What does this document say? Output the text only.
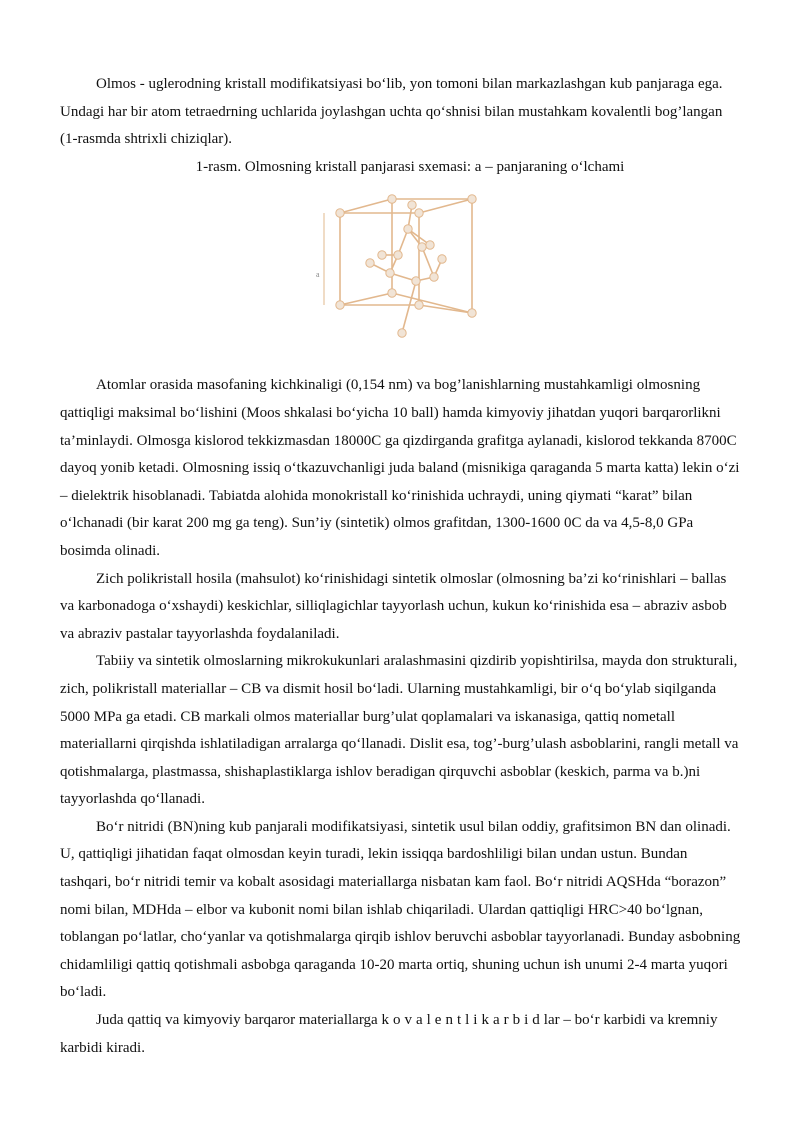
Olmos - uglerodning kristall modifikatsiyasi bo‘lib, yon tomoni bilan markazlashgan kub panjaraga ega. Undagi har bir atom tetraedrning uchlarida joylashgan uchta qo‘shnisi bilan mustahkam kovalentli bog’langan (1-rasmda shtrixli chiziqlar).

1-rasm. Olmosning kristall panjarasi sxemasi: a – panjaraning o‘lchami

a

Atomlar orasida masofaning kichkinaligi (0,154 nm) va bog’lanishlarning mustahkamligi olmosning qattiqligi maksimal bo‘lishini (Moos shkalasi bo‘yicha 10 ball) hamda kimyoviy jihatdan yuqori barqarorlikni ta’minlaydi. Olmosga kislorod tekkizmasdan 18000C ga qizdirganda grafitga aylanadi, kislorod tekkanda 8700C dayoq yonib ketadi. Olmosning issiq o‘tkazuvchanligi juda baland (misnikiga qaraganda 5 marta katta) lekin o‘zi – dielektrik hisoblanadi. Tabiatda alohida monokristall ko‘rinishida uchraydi, uning qiymati “karat” bilan o‘lchanadi (bir karat 200 mg ga teng). Sun’iy (sintetik) olmos grafitdan, 1300-1600 0C da va 4,5-8,0 GPa bosimda olinadi.

Zich polikristall hosila (mahsulot) ko‘rinishidagi sintetik olmoslar (olmosning ba’zi ko‘rinishlari – ballas va karbonadoga o‘xshaydi) keskichlar, silliqlagichlar tayyorlash uchun, kukun ko‘rinishida esa – abraziv asbob va abraziv pastalar tayyorlashda foydalaniladi.

Tabiiy va sintetik olmoslarning mikrokukunlari aralashmasini qizdirib yopishtirilsa, mayda don strukturali, zich, polikristall materiallar – CB va dismit hosil bo‘ladi. Ularning mustahkamligi, bir o‘q bo‘ylab siqilganda 5000 MPa ga etadi. CB markali olmos materiallar burg’ulat qoplamalari va iskanasiga, qattiq nometall materiallarni qirqishda ishlatiladigan arralarga qo‘llanadi. Dislit esa, tog’-burg’ulash asboblarini, rangli metall va qotishmalarga, plastmassa, shishaplastiklarga ishlov beradigan qirquvchi asboblar (keskich, parma va b.)ni tayyorlashda qo‘llanadi.

Bo‘r nitridi (BN)ning kub panjarali modifikatsiyasi, sintetik usul bilan oddiy, grafitsimon BN dan olinadi. U, qattiqligi jihatidan faqat olmosdan keyin turadi, lekin issiqqa bardoshliligi bilan undan ustun. Bundan tashqari, bo‘r nitridi temir va kobalt asosidagi materiallarga nisbatan kam faol. Bo‘r nitridi AQSHda “borazon” nomi bilan, MDHda – elbor va kubonit nomi bilan ishlab chiqariladi. Ulardan qattiqligi HRC>40 bo‘lgnan, toblangan po‘latlar, cho‘yanlar va qotishmalarga qirqib ishlov beruvchi asboblar tayyorlanadi. Bunday asbobning chidamliligi qattiq qotishmali asbobga qaraganda 10-20 marta ortiq, shuning uchun ish unumi 2-4 marta yuqori bo‘ladi.

Juda qattiq va kimyoviy barqaror materiallarga kovalentlikarbidlar – bo‘r karbidi va kremniy karbidi kiradi.
